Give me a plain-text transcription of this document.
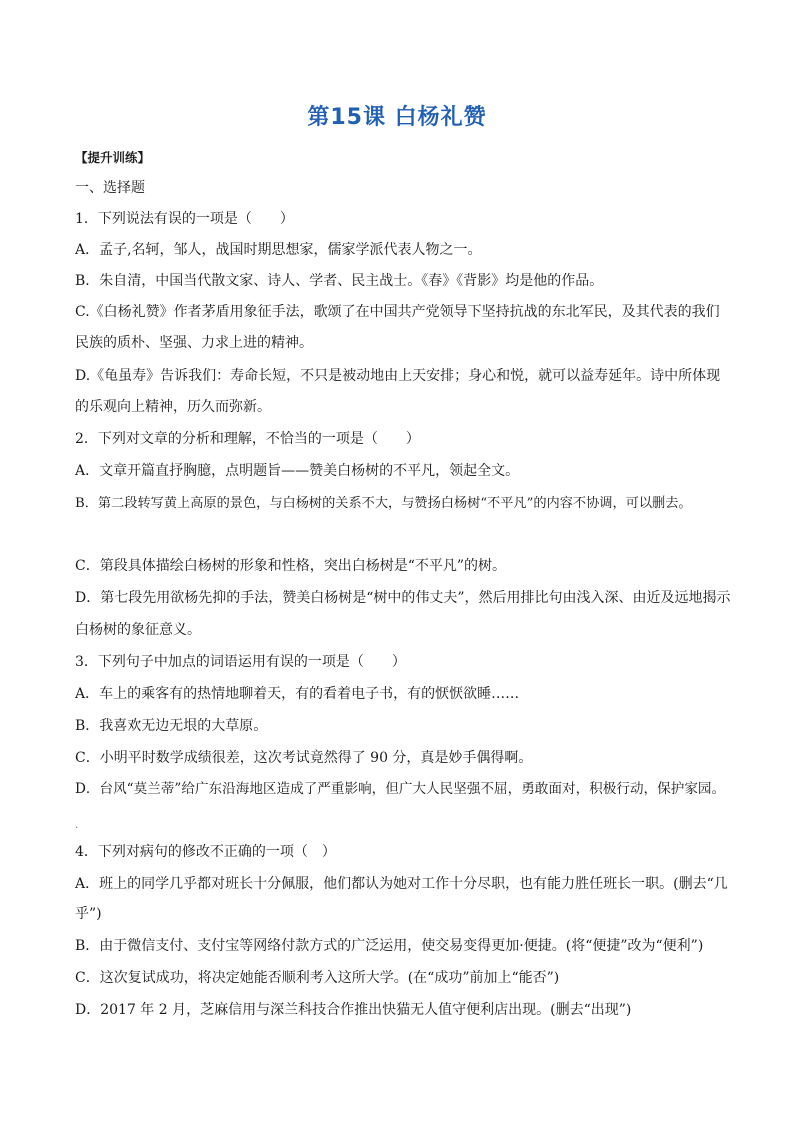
第15课 白杨礼赞
【提升训练】
一、选择题
1．下列说法有误的一项是（　　）
A．孟子,名轲，邹人，战国时期思想家，儒家学派代表人物之一。
B．朱自清，中国当代散文家、诗人、学者、民主战士。《春》《背影》均是他的作品。
C.《白杨礼赞》作者茅盾用象征手法，歌颂了在中国共产党领导下坚持抗战的东北军民，及其代表的我们
民族的质朴、坚强、力求上进的精神。
D.《龟虽寿》告诉我们：寿命长短，不只是被动地由上天安排；身心和悦，就可以益寿延年。诗中所体现
的乐观向上精神，历久而弥新。
2．下列对文章的分析和理解，不恰当的一项是（　　）
A．文章开篇直抒胸臆，点明题旨——赞美白杨树的不平凡，领起全文。
B．第二段转写黄上高原的景色，与白杨树的关系不大，与赞扬白杨树“不平凡”的内容不协调，可以删去。
C．第段具体描绘白杨树的形象和性格，突出白杨树是“不平凡”的树。
D．第七段先用欲杨先抑的手法，赞美白杨树是“树中的伟丈夫”，然后用排比句由浅入深、由近及远地揭示
白杨树的象征意义。
3．下列句子中加点的词语运用有误的一项是（　　）
A．车上的乘客有的热情地聊着天，有的看着电子书，有的恹恹欲睡……
B．我喜欢无边无垠的大草原。
C．小明平时数学成绩很差，这次考试竟然得了 90 分，真是妙手偶得啊。
D．台风“莫兰蒂”给广东沿海地区造成了严重影响，但广大人民坚强不屈，勇敢面对，积极行动，保护家园。
.
4．下列对病句的修改不正确的一项（　）
A．班上的同学几乎都对班长十分佩服，他们都认为她对工作十分尽职，也有能力胜任班长一职。(删去“几
乎”)
B．由于微信支付、支付宝等网络付款方式的广泛运用，使交易变得更加·便捷。(将“便捷”改为“便利”)
C．这次复试成功，将决定她能否顺利考入这所大学。(在“成功”前加上“能否”)
D．2017 年 2 月，芝麻信用与深兰科技合作推出快猫无人值守便利店出现。(删去“出现”)
